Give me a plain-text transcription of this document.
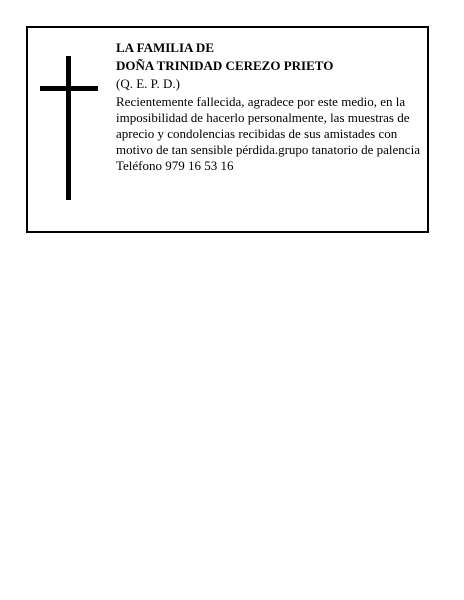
LA FAMILIA DE
DOÑA TRINIDAD CEREZO PRIETO
(Q. E. P. D.)
Recientemente fallecida, agradece por este medio, en la imposibilidad de hacerlo personalmente, las muestras de aprecio y condolencias recibidas de sus amistades con motivo de tan sensible pérdida.grupo tanatorio de palencia Teléfono 979 16 53 16
